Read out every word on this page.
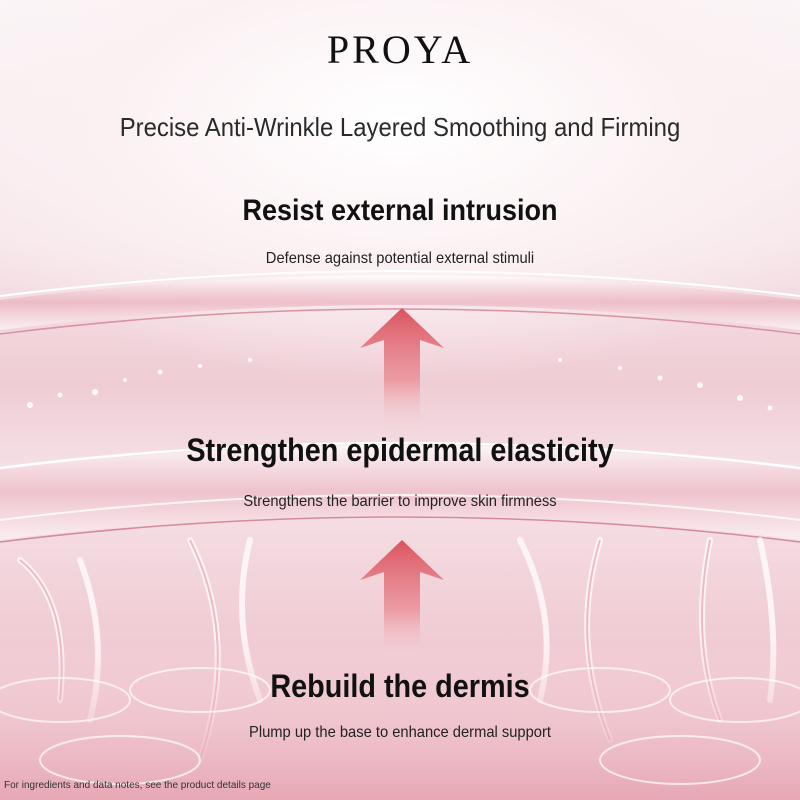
PROYA
Precise Anti-Wrinkle Layered Smoothing and Firming
Resist external intrusion
Defense against potential external stimuli
Strengthen epidermal elasticity
Strengthens the barrier to improve skin firmness
Rebuild the dermis
Plump up the base to enhance dermal support
For ingredients and data notes, see the product details page
